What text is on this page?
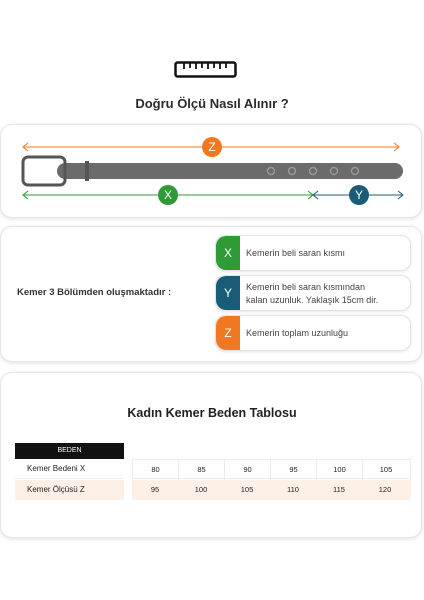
Doğru Ölçü Nasıl Alınır ?
Z
X	Y
Kemer 3 Bölümden oluşmaktadır :
X	Kemerin beli saran kısmı
Y	Kemerin beli saran kısmından
kalan uzunluk. Yaklaşık 15cm dir.
Z	Kemerin toplam uzunluğu
Kadın Kemer Beden Tablosu
BEDEN
Kemer Bedeni X	80	85	90	95	100	105
Kemer Ölçüsü Z	95	100	105	110	115	120
